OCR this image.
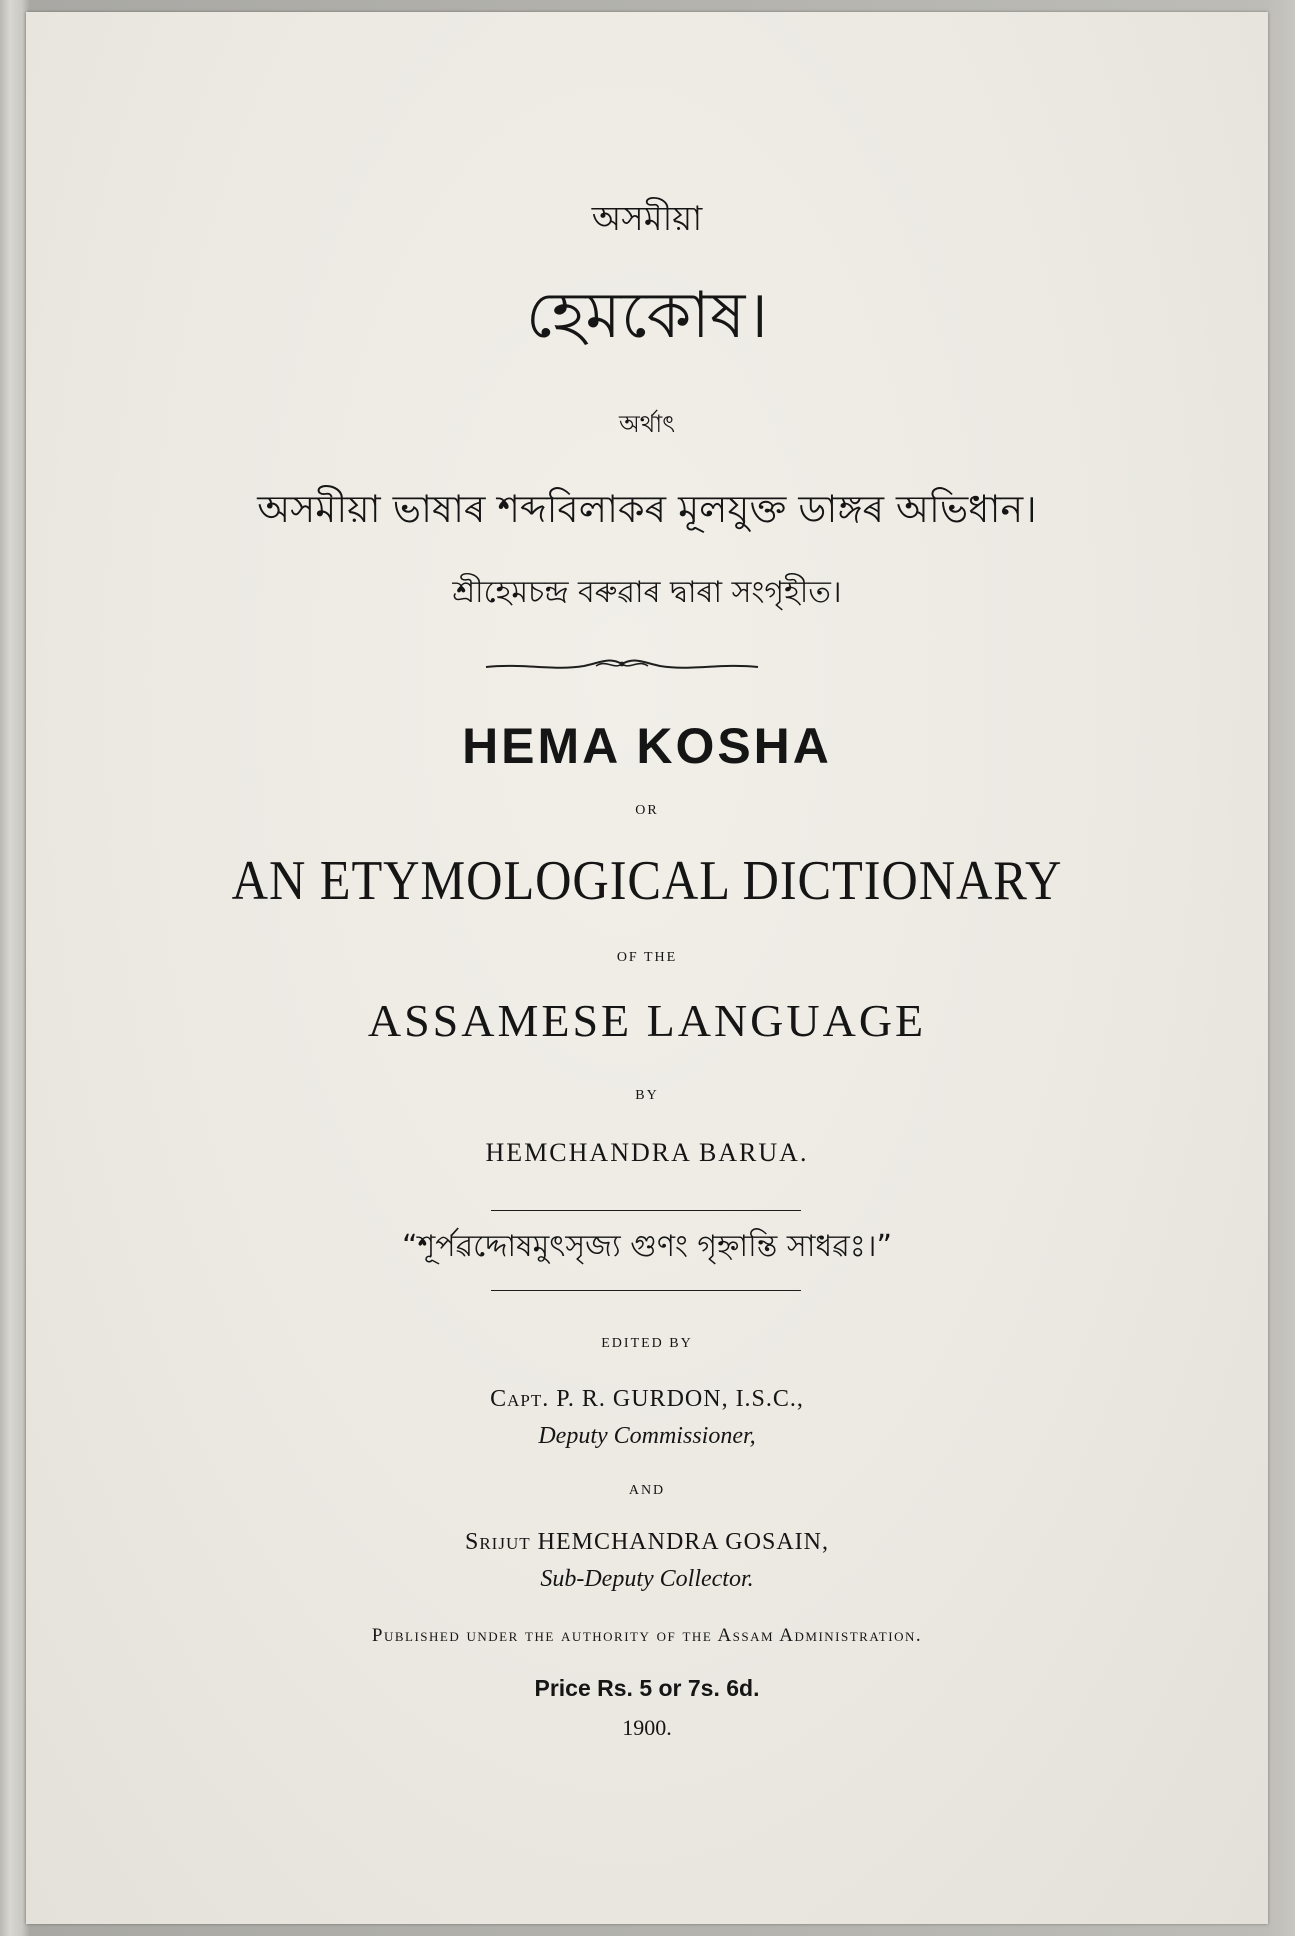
অসমীয়া
হেমকোষ।
অৰ্থাৎ
অসমীয়া ভাষাৰ শব্দবিলাকৰ মূলযুক্ত ডাঙ্গৰ অভিধান।
শ্ৰীহেমচন্দ্ৰ বৰুৱাৰ দ্বাৰা সংগৃহীত।
HEMA KOSHA
OR
AN ETYMOLOGICAL DICTIONARY
OF THE
ASSAMESE LANGUAGE
BY
HEMCHANDRA BARUA.
“শূৰ্পৱদ্দোষমুৎসৃজ্য গুণং গৃহ্নান্তি সাধৱঃ।”
EDITED BY
Capt. P. R. GURDON, I.S.C.,
Deputy Commissioner,
AND
Srijut HEMCHANDRA GOSAIN,
Sub-Deputy Collector.
Published under the authority of the Assam Administration.
Price Rs. 5 or 7s. 6d.
1900.
